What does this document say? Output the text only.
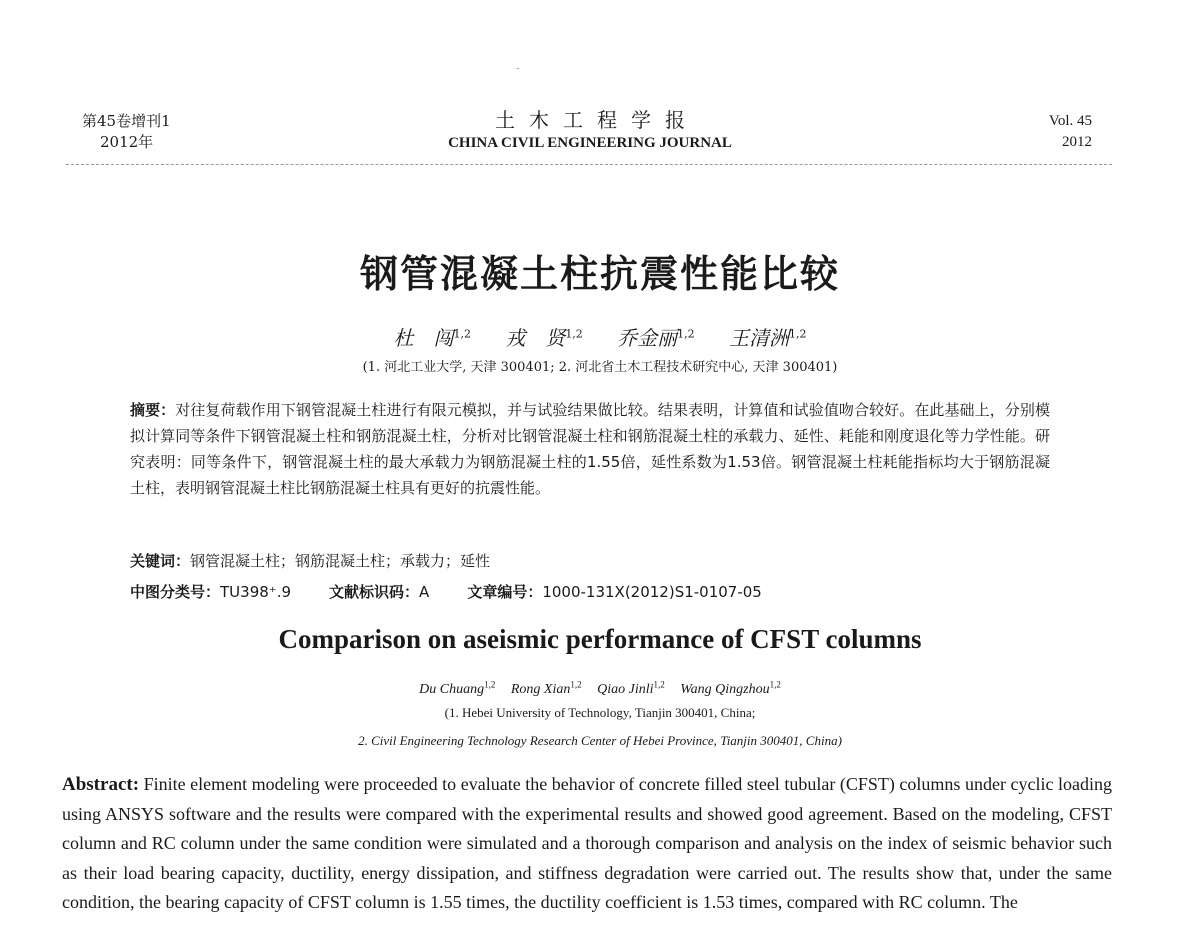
第45卷增刊1
2012年
土木工程学报
CHINA CIVIL ENGINEERING JOURNAL
Vol. 45
2012
钢管混凝土柱抗震性能比较
杜　闯$^{1,2}$ 戎　贤$^{1,2}$ 乔金丽$^{1,2}$ 王清洲$^{1,2}$
(1. 河北工业大学, 天津 300401; 2. 河北省土木工程技术研究中心, 天津 300401)
摘要：对往复荷载作用下钢管混凝土柱进行有限元模拟，并与试验结果做比较。结果表明，计算值和试验值吻合较好。在此基础上，分别模拟计算同等条件下钢管混凝土柱和钢筋混凝土柱，分析对比钢管混凝土柱和钢筋混凝土柱的承载力、延性、耗能和刚度退化等力学性能。研究表明：同等条件下，钢管混凝土柱的最大承载力为钢筋混凝土柱的1.55倍，延性系数为1.53倍。钢管混凝土柱耗能指标均大于钢筋混凝土柱，表明钢管混凝土柱比钢筋混凝土柱具有更好的抗震性能。
关键词：钢管混凝土柱；钢筋混凝土柱；承载力；延性
中图分类号：TU398⁺.9	文献标识码：A	文章编号：1000-131X(2012)S1-0107-05
Comparison on aseismic performance of CFST columns
Du Chuang$^{1,2}$ Rong Xian$^{1,2}$ Qiao Jinli$^{1,2}$ Wang Qingzhou$^{1,2}$
(1. Hebei University of Technology, Tianjin 300401, China;
2. Civil Engineering Technology Research Center of Hebei Province, Tianjin 300401, China)
Abstract: Finite element modeling were proceeded to evaluate the behavior of concrete filled steel tubular (CFST) columns under cyclic loading using ANSYS software and the results were compared with the experimental results and showed good agreement. Based on the modeling, CFST column and RC column under the same condition were simulated and a thorough comparison and analysis on the index of seismic behavior such as their load bearing capacity, ductility, energy dissipation, and stiffness degradation were carried out. The results show that, under the same condition, the bearing capacity of CFST column is 1.55 times, the ductility coefficient is 1.53 times, compared with RC column. The
